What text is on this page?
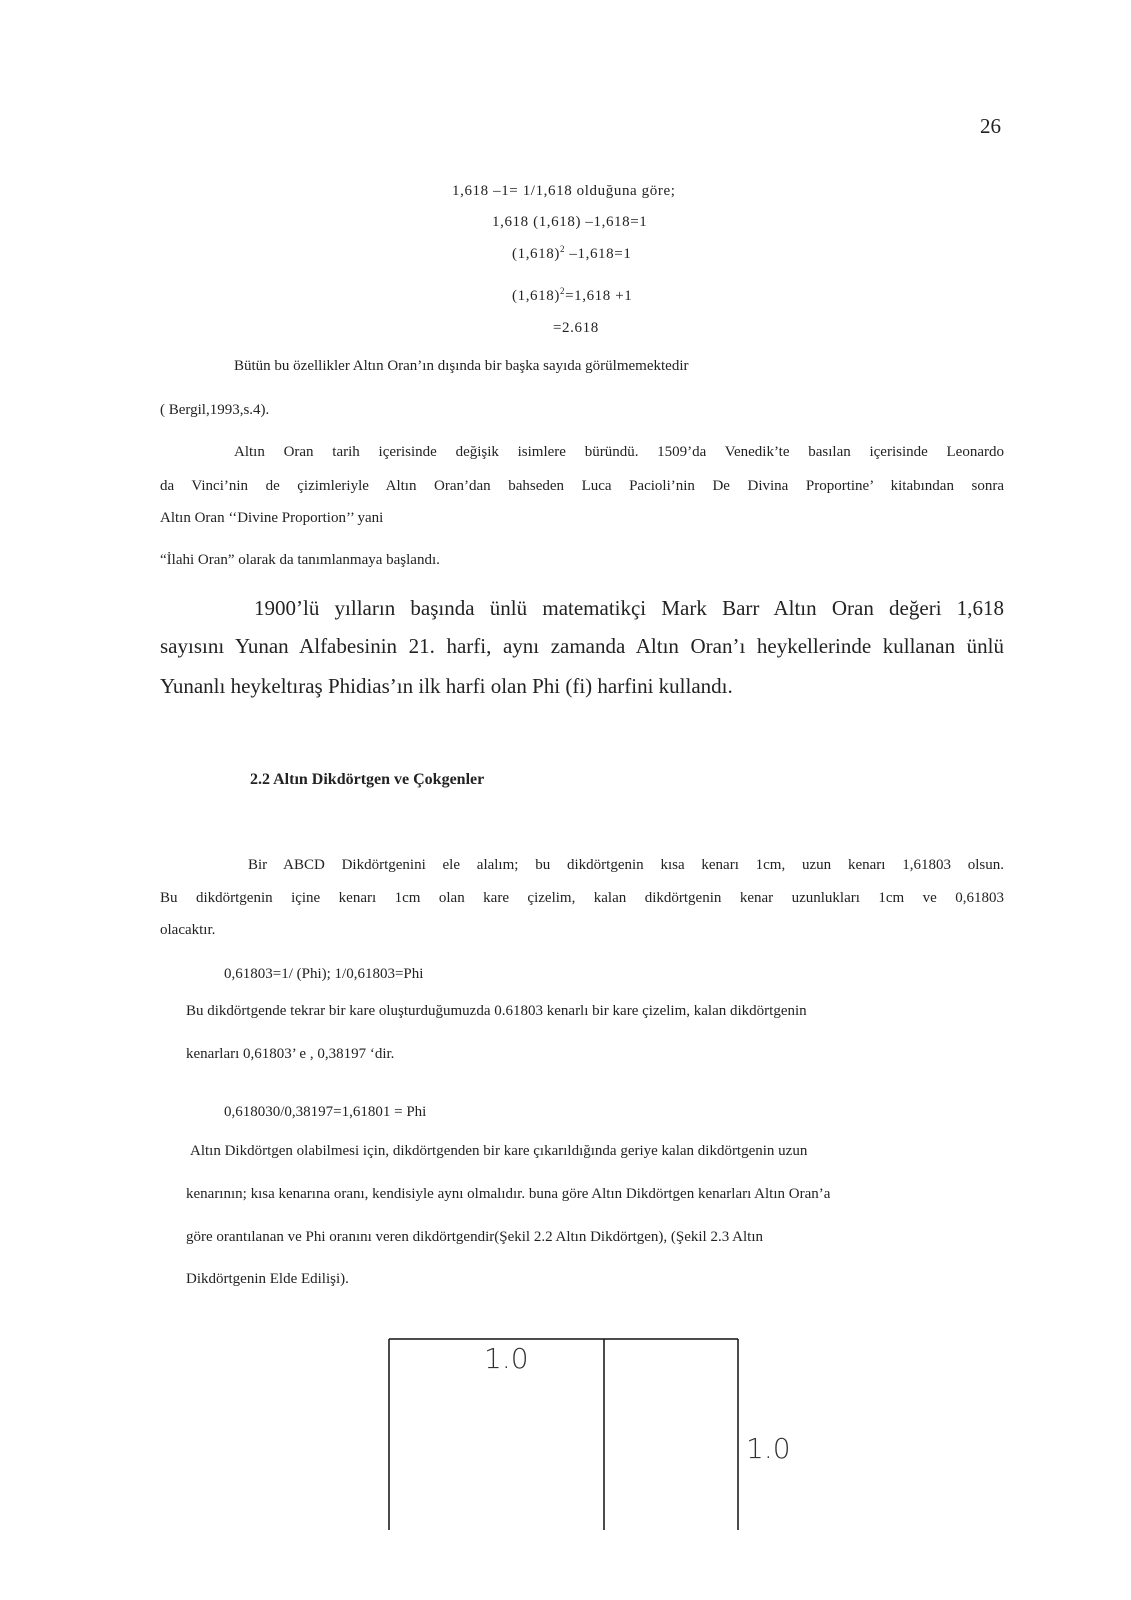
26
1,618 –1= 1/1,618 olduğuna göre;
1,618 (1,618) –1,618=1
$(1,618)^2$ –1,618=1
$(1,618)^2=1,618 +1$
=2.618
Bütün bu özellikler Altın Oran’ın dışında bir başka sayıda görülmemektedir
( Bergil,1993,s.4).
Altın Oran tarih içerisinde değişik isimlere büründü. 1509’da Venedik’te basılan içerisinde Leonardo
da Vinci’nin de çizimleriyle Altın Oran’dan bahseden Luca Pacioli’nin De Divina Proportine’ kitabından sonra
Altın Oran ‘‘Divine Proportion’’ yani
“İlahi Oran” olarak da tanımlanmaya başlandı.
1900’lü yılların başında ünlü matematikçi Mark Barr Altın Oran değeri 1,618
sayısını Yunan Alfabesinin 21. harfi, aynı zamanda Altın Oran’ı heykellerinde kullanan ünlü
Yunanlı heykeltıraş Phidias’ın ilk harfi olan Phi (fi) harfini kullandı.
2.2 Altın Dikdörtgen ve Çokgenler
Bir ABCD Dikdörtgenini ele alalım; bu dikdörtgenin kısa kenarı 1cm, uzun kenarı 1,61803 olsun.
Bu dikdörtgenin içine kenarı 1cm olan kare çizelim, kalan dikdörtgenin kenar uzunlukları 1cm ve 0,61803
olacaktır.
0,61803=1/ (Phi); 1/0,61803=Phi
Bu dikdörtgende tekrar bir kare oluşturduğumuzda 0.61803 kenarlı bir kare çizelim, kalan dikdörtgenin
kenarları 0,61803’ e , 0,38197 ‘dir.
0,618030/0,38197=1,61801 = Phi
Altın Dikdörtgen olabilmesi için, dikdörtgenden bir kare çıkarıldığında geriye kalan dikdörtgenin uzun
kenarının; kısa kenarına oranı, kendisiyle aynı olmalıdır. buna göre Altın Dikdörtgen kenarları Altın Oran’a
göre orantılanan ve Phi oranını veren dikdörtgendir(Şekil 2.2 Altın Dikdörtgen), (Şekil 2.3 Altın
Dikdörtgenin Elde Edilişi).
1.0
1.0
